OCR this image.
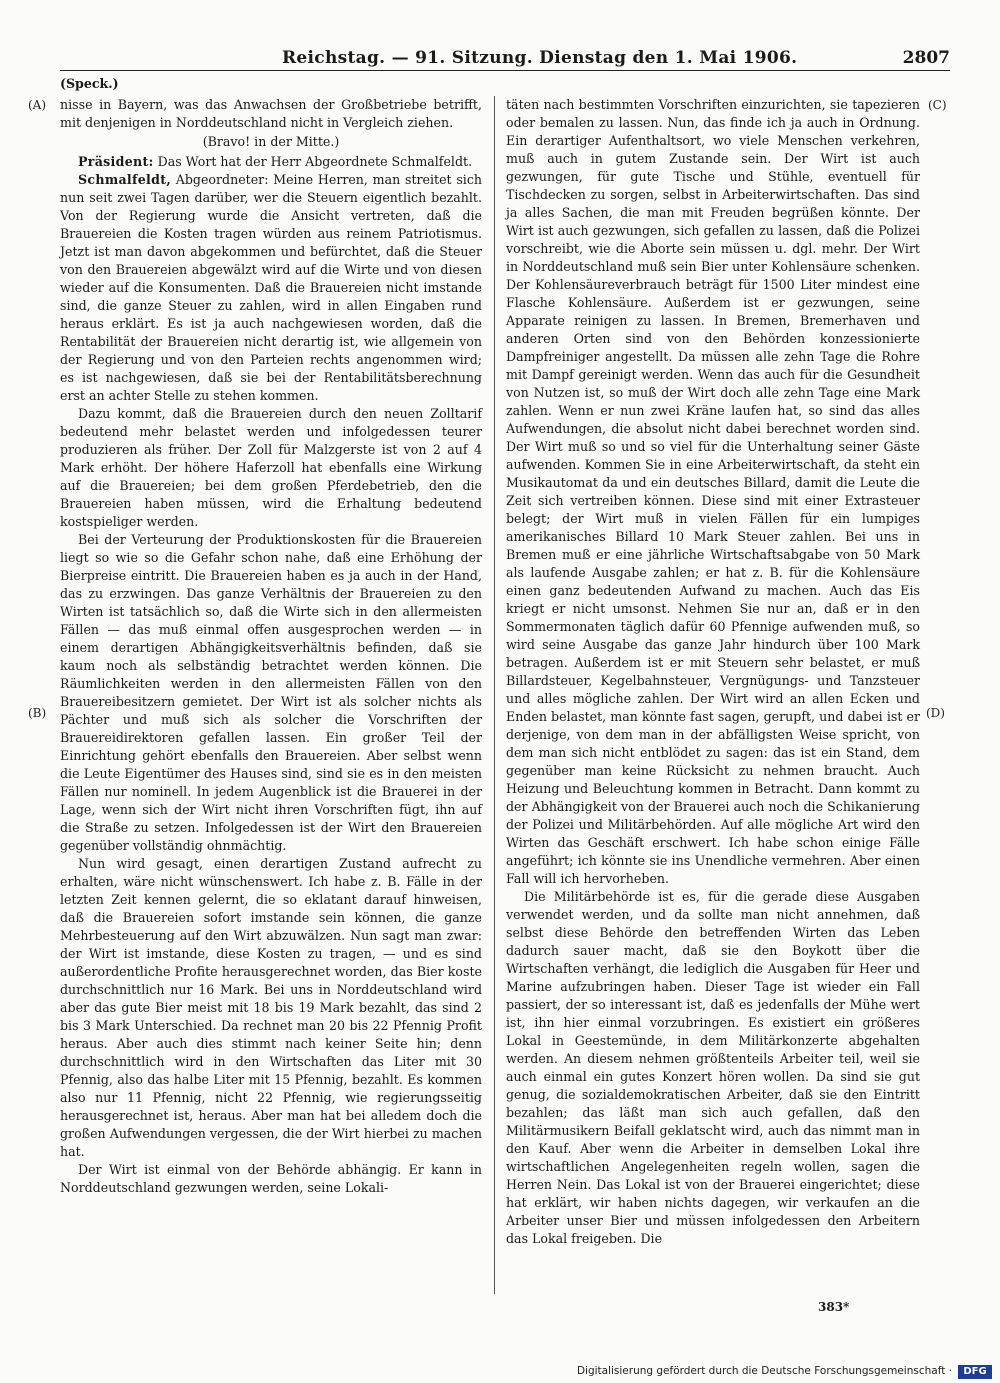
Reichstag. — 91. Sitzung. Dienstag den 1. Mai 1906.	2807
(Speck.)
(A)
(B)
(C)
(D)

nisse in Bayern, was das Anwachsen der Großbetriebe betrifft, mit denjenigen in Norddeutschland nicht in Vergleich ziehen.

(Bravo! in der Mitte.)

Präsident: Das Wort hat der Herr Abgeordnete Schmalfeldt.

Schmalfeldt, Abgeordneter: Meine Herren, man streitet sich nun seit zwei Tagen darüber, wer die Steuern eigentlich bezahlt. Von der Regierung wurde die Ansicht vertreten, daß die Brauereien die Kosten tragen würden aus reinem Patriotismus. Jetzt ist man davon abgekommen und befürchtet, daß die Steuer von den Brauereien abgewälzt wird auf die Wirte und von diesen wieder auf die Konsumenten. Daß die Brauereien nicht imstande sind, die ganze Steuer zu zahlen, wird in allen Eingaben rund heraus erklärt. Es ist ja auch nachgewiesen worden, daß die Rentabilität der Brauereien nicht derartig ist, wie allgemein von der Regierung und von den Parteien rechts angenommen wird; es ist nachgewiesen, daß sie bei der Rentabilitätsberechnung erst an achter Stelle zu stehen kommen.

Dazu kommt, daß die Brauereien durch den neuen Zolltarif bedeutend mehr belastet werden und infolgedessen teurer produzieren als früher. Der Zoll für Malzgerste ist von 2 auf 4 Mark erhöht. Der höhere Haferzoll hat ebenfalls eine Wirkung auf die Brauereien; bei dem großen Pferdebetrieb, den die Brauereien haben müssen, wird die Erhaltung bedeutend kostspieliger werden.

Bei der Verteurung der Produktionskosten für die Brauereien liegt so wie so die Gefahr schon nahe, daß eine Erhöhung der Bierpreise eintritt. Die Brauereien haben es ja auch in der Hand, das zu erzwingen. Das ganze Verhältnis der Brauereien zu den Wirten ist tatsächlich so, daß die Wirte sich in den allermeisten Fällen — das muß einmal offen ausgesprochen werden — in einem derartigen Abhängigkeitsverhältnis befinden, daß sie kaum noch als selbständig betrachtet werden können. Die Räumlichkeiten werden in den allermeisten Fällen von den Brauereibesitzern gemietet. Der Wirt ist als solcher nichts als Pächter und muß sich als solcher die Vorschriften der Brauereidirektoren gefallen lassen. Ein großer Teil der Einrichtung gehört ebenfalls den Brauereien. Aber selbst wenn die Leute Eigentümer des Hauses sind, sind sie es in den meisten Fällen nur nominell. In jedem Augenblick ist die Brauerei in der Lage, wenn sich der Wirt nicht ihren Vorschriften fügt, ihn auf die Straße zu setzen. Infolgedessen ist der Wirt den Brauereien gegenüber vollständig ohnmächtig.

Nun wird gesagt, einen derartigen Zustand aufrecht zu erhalten, wäre nicht wünschenswert. Ich habe z. B. Fälle in der letzten Zeit kennen gelernt, die so eklatant darauf hinweisen, daß die Brauereien sofort imstande sein können, die ganze Mehrbesteuerung auf den Wirt abzuwälzen. Nun sagt man zwar: der Wirt ist imstande, diese Kosten zu tragen, — und es sind außerordentliche Profite herausgerechnet worden, das Bier koste durchschnittlich nur 16 Mark. Bei uns in Norddeutschland wird aber das gute Bier meist mit 18 bis 19 Mark bezahlt, das sind 2 bis 3 Mark Unterschied. Da rechnet man 20 bis 22 Pfennig Profit heraus. Aber auch dies stimmt nach keiner Seite hin; denn durchschnittlich wird in den Wirtschaften das Liter mit 30 Pfennig, also das halbe Liter mit 15 Pfennig, bezahlt. Es kommen also nur 11 Pfennig, nicht 22 Pfennig, wie regierungsseitig herausgerechnet ist, heraus. Aber man hat bei alledem doch die großen Aufwendungen vergessen, die der Wirt hierbei zu machen hat.

Der Wirt ist einmal von der Behörde abhängig. Er kann in Norddeutschland gezwungen werden, seine Lokali-

täten nach bestimmten Vorschriften einzurichten, sie tapezieren oder bemalen zu lassen. Nun, das finde ich ja auch in Ordnung. Ein derartiger Aufenthaltsort, wo viele Menschen verkehren, muß auch in gutem Zustande sein. Der Wirt ist auch gezwungen, für gute Tische und Stühle, eventuell für Tischdecken zu sorgen, selbst in Arbeiterwirtschaften. Das sind ja alles Sachen, die man mit Freuden begrüßen könnte. Der Wirt ist auch gezwungen, sich gefallen zu lassen, daß die Polizei vorschreibt, wie die Aborte sein müssen u. dgl. mehr. Der Wirt in Norddeutschland muß sein Bier unter Kohlensäure schenken. Der Kohlensäureverbrauch beträgt für 1500 Liter mindest eine Flasche Kohlensäure. Außerdem ist er gezwungen, seine Apparate reinigen zu lassen. In Bremen, Bremerhaven und anderen Orten sind von den Behörden konzessionierte Dampfreiniger angestellt. Da müssen alle zehn Tage die Rohre mit Dampf gereinigt werden. Wenn das auch für die Gesundheit von Nutzen ist, so muß der Wirt doch alle zehn Tage eine Mark zahlen. Wenn er nun zwei Kräne laufen hat, so sind das alles Aufwendungen, die absolut nicht dabei berechnet worden sind. Der Wirt muß so und so viel für die Unterhaltung seiner Gäste aufwenden. Kommen Sie in eine Arbeiterwirtschaft, da steht ein Musikautomat da und ein deutsches Billard, damit die Leute die Zeit sich vertreiben können. Diese sind mit einer Extrasteuer belegt; der Wirt muß in vielen Fällen für ein lumpiges amerikanisches Billard 10 Mark Steuer zahlen. Bei uns in Bremen muß er eine jährliche Wirtschaftsabgabe von 50 Mark als laufende Ausgabe zahlen; er hat z. B. für die Kohlensäure einen ganz bedeutenden Aufwand zu machen. Auch das Eis kriegt er nicht umsonst. Nehmen Sie nur an, daß er in den Sommermonaten täglich dafür 60 Pfennige aufwenden muß, so wird seine Ausgabe das ganze Jahr hindurch über 100 Mark betragen. Außerdem ist er mit Steuern sehr belastet, er muß Billardsteuer, Kegelbahnsteuer, Vergnügungs- und Tanzsteuer und alles mögliche zahlen. Der Wirt wird an allen Ecken und Enden belastet, man könnte fast sagen, gerupft, und dabei ist er derjenige, von dem man in der abfälligsten Weise spricht, von dem man sich nicht entblödet zu sagen: das ist ein Stand, dem gegenüber man keine Rücksicht zu nehmen braucht. Auch Heizung und Beleuchtung kommen in Betracht. Dann kommt zu der Abhängigkeit von der Brauerei auch noch die Schikanierung der Polizei und Militärbehörden. Auf alle mögliche Art wird den Wirten das Geschäft erschwert. Ich habe schon einige Fälle angeführt; ich könnte sie ins Unendliche vermehren. Aber einen Fall will ich hervorheben.

Die Militärbehörde ist es, für die gerade diese Ausgaben verwendet werden, und da sollte man nicht annehmen, daß selbst diese Behörde den betreffenden Wirten das Leben dadurch sauer macht, daß sie den Boykott über die Wirtschaften verhängt, die lediglich die Ausgaben für Heer und Marine aufzubringen haben. Dieser Tage ist wieder ein Fall passiert, der so interessant ist, daß es jedenfalls der Mühe wert ist, ihn hier einmal vorzubringen. Es existiert ein größeres Lokal in Geestemünde, in dem Militärkonzerte abgehalten werden. An diesem nehmen größtenteils Arbeiter teil, weil sie auch einmal ein gutes Konzert hören wollen. Da sind sie gut genug, die sozialdemokratischen Arbeiter, daß sie den Eintritt bezahlen; das läßt man sich auch gefallen, daß den Militärmusikern Beifall geklatscht wird, auch das nimmt man in den Kauf. Aber wenn die Arbeiter in demselben Lokal ihre wirtschaftlichen Angelegenheiten regeln wollen, sagen die Herren Nein. Das Lokal ist von der Brauerei eingerichtet; diese hat erklärt, wir haben nichts dagegen, wir verkaufen an die Arbeiter unser Bier und müssen infolgedessen den Arbeitern das Lokal freigeben. Die

383*
Digitalisierung gefördert durch die Deutsche Forschungsgemeinschaft ·	DFG
